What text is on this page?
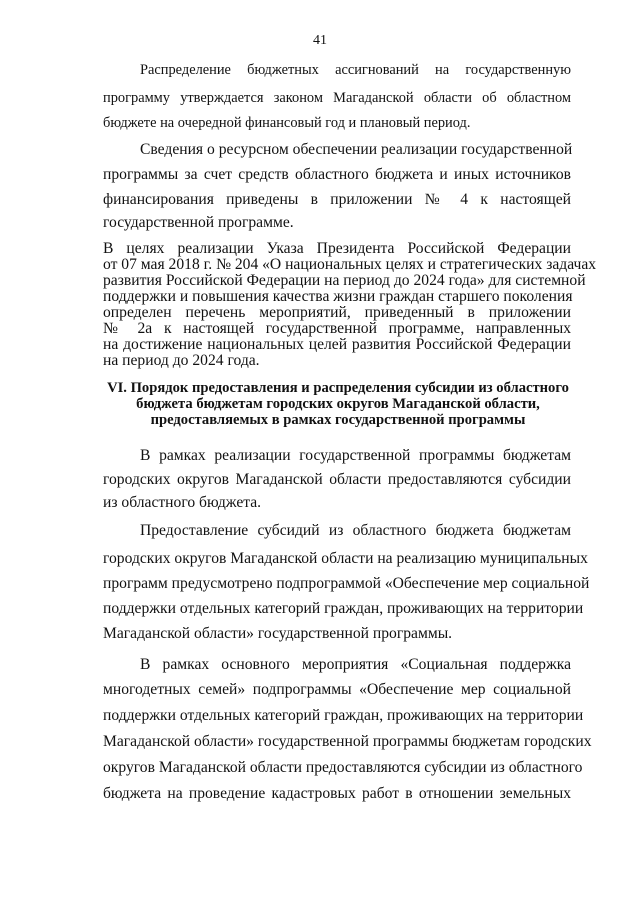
41
Распределение бюджетных ассигнований на государственную
программу утверждается законом Магаданской области об областном
бюджете на очередной финансовый год и плановый период.
Сведения о ресурсном обеспечении реализации государственной
программы за счет средств областного бюджета и иных источников
финансирования приведены в приложении № 4 к настоящей
государственной программе.
В целях реализации Указа Президента Российской Федерации
от 07 мая 2018 г. № 204 «О национальных целях и стратегических задачах
развития Российской Федерации на период до 2024 года» для системной
поддержки и повышения качества жизни граждан старшего поколения
определен перечень мероприятий, приведенный в приложении
№ 2а к настоящей государственной программе, направленных
на достижение национальных целей развития Российской Федерации
на период до 2024 года.
VI. Порядок предоставления и распределения субсидии из областного
бюджета бюджетам городских округов Магаданской области,
предоставляемых в рамках государственной программы
В рамках реализации государственной программы бюджетам
городских округов Магаданской области предоставляются субсидии
из областного бюджета.
Предоставление субсидий из областного бюджета бюджетам
городских округов Магаданской области на реализацию муниципальных
программ предусмотрено подпрограммой «Обеспечение мер социальной
поддержки отдельных категорий граждан, проживающих на территории
Магаданской области» государственной программы.
В рамках основного мероприятия «Социальная поддержка
многодетных семей» подпрограммы «Обеспечение мер социальной
поддержки отдельных категорий граждан, проживающих на территории
Магаданской области» государственной программы бюджетам городских
округов Магаданской области предоставляются субсидии из областного
бюджета на проведение кадастровых работ в отношении земельных
